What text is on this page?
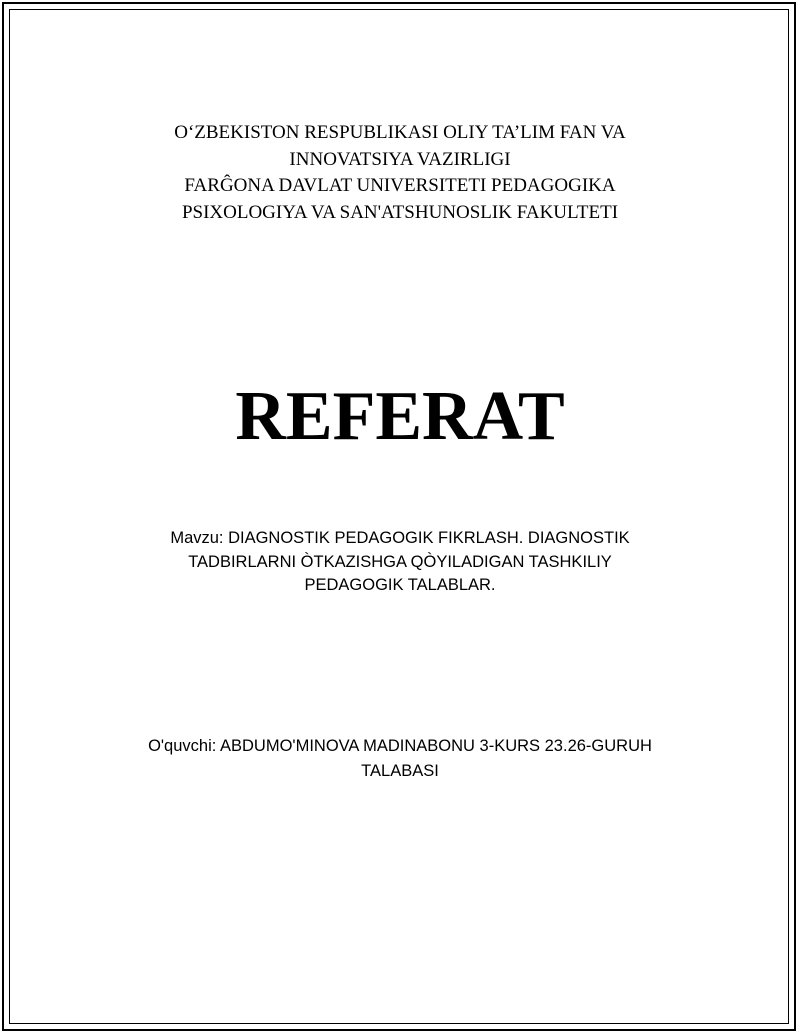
O‘ZBEKISTON RESPUBLIKASI OLIY TA’LIM FAN VA
INNOVATSIYA VAZIRLIGI
FARĜONA DAVLAT UNIVERSITETI PEDAGOGIKA
PSIXOLOGIYA VA SAN'ATSHUNOSLIK FAKULTETI
REFERAT
Mavzu: DIAGNOSTIK PEDAGOGIK FIKRLASH. DIAGNOSTIK
TADBIRLARNI ÒTKAZISHGA QÒYILADIGAN TASHKILIY
PEDAGOGIK TALABLAR.
O'quvchi: ABDUMO'MINOVA MADINABONU 3-KURS 23.26-GURUH
TALABASI
